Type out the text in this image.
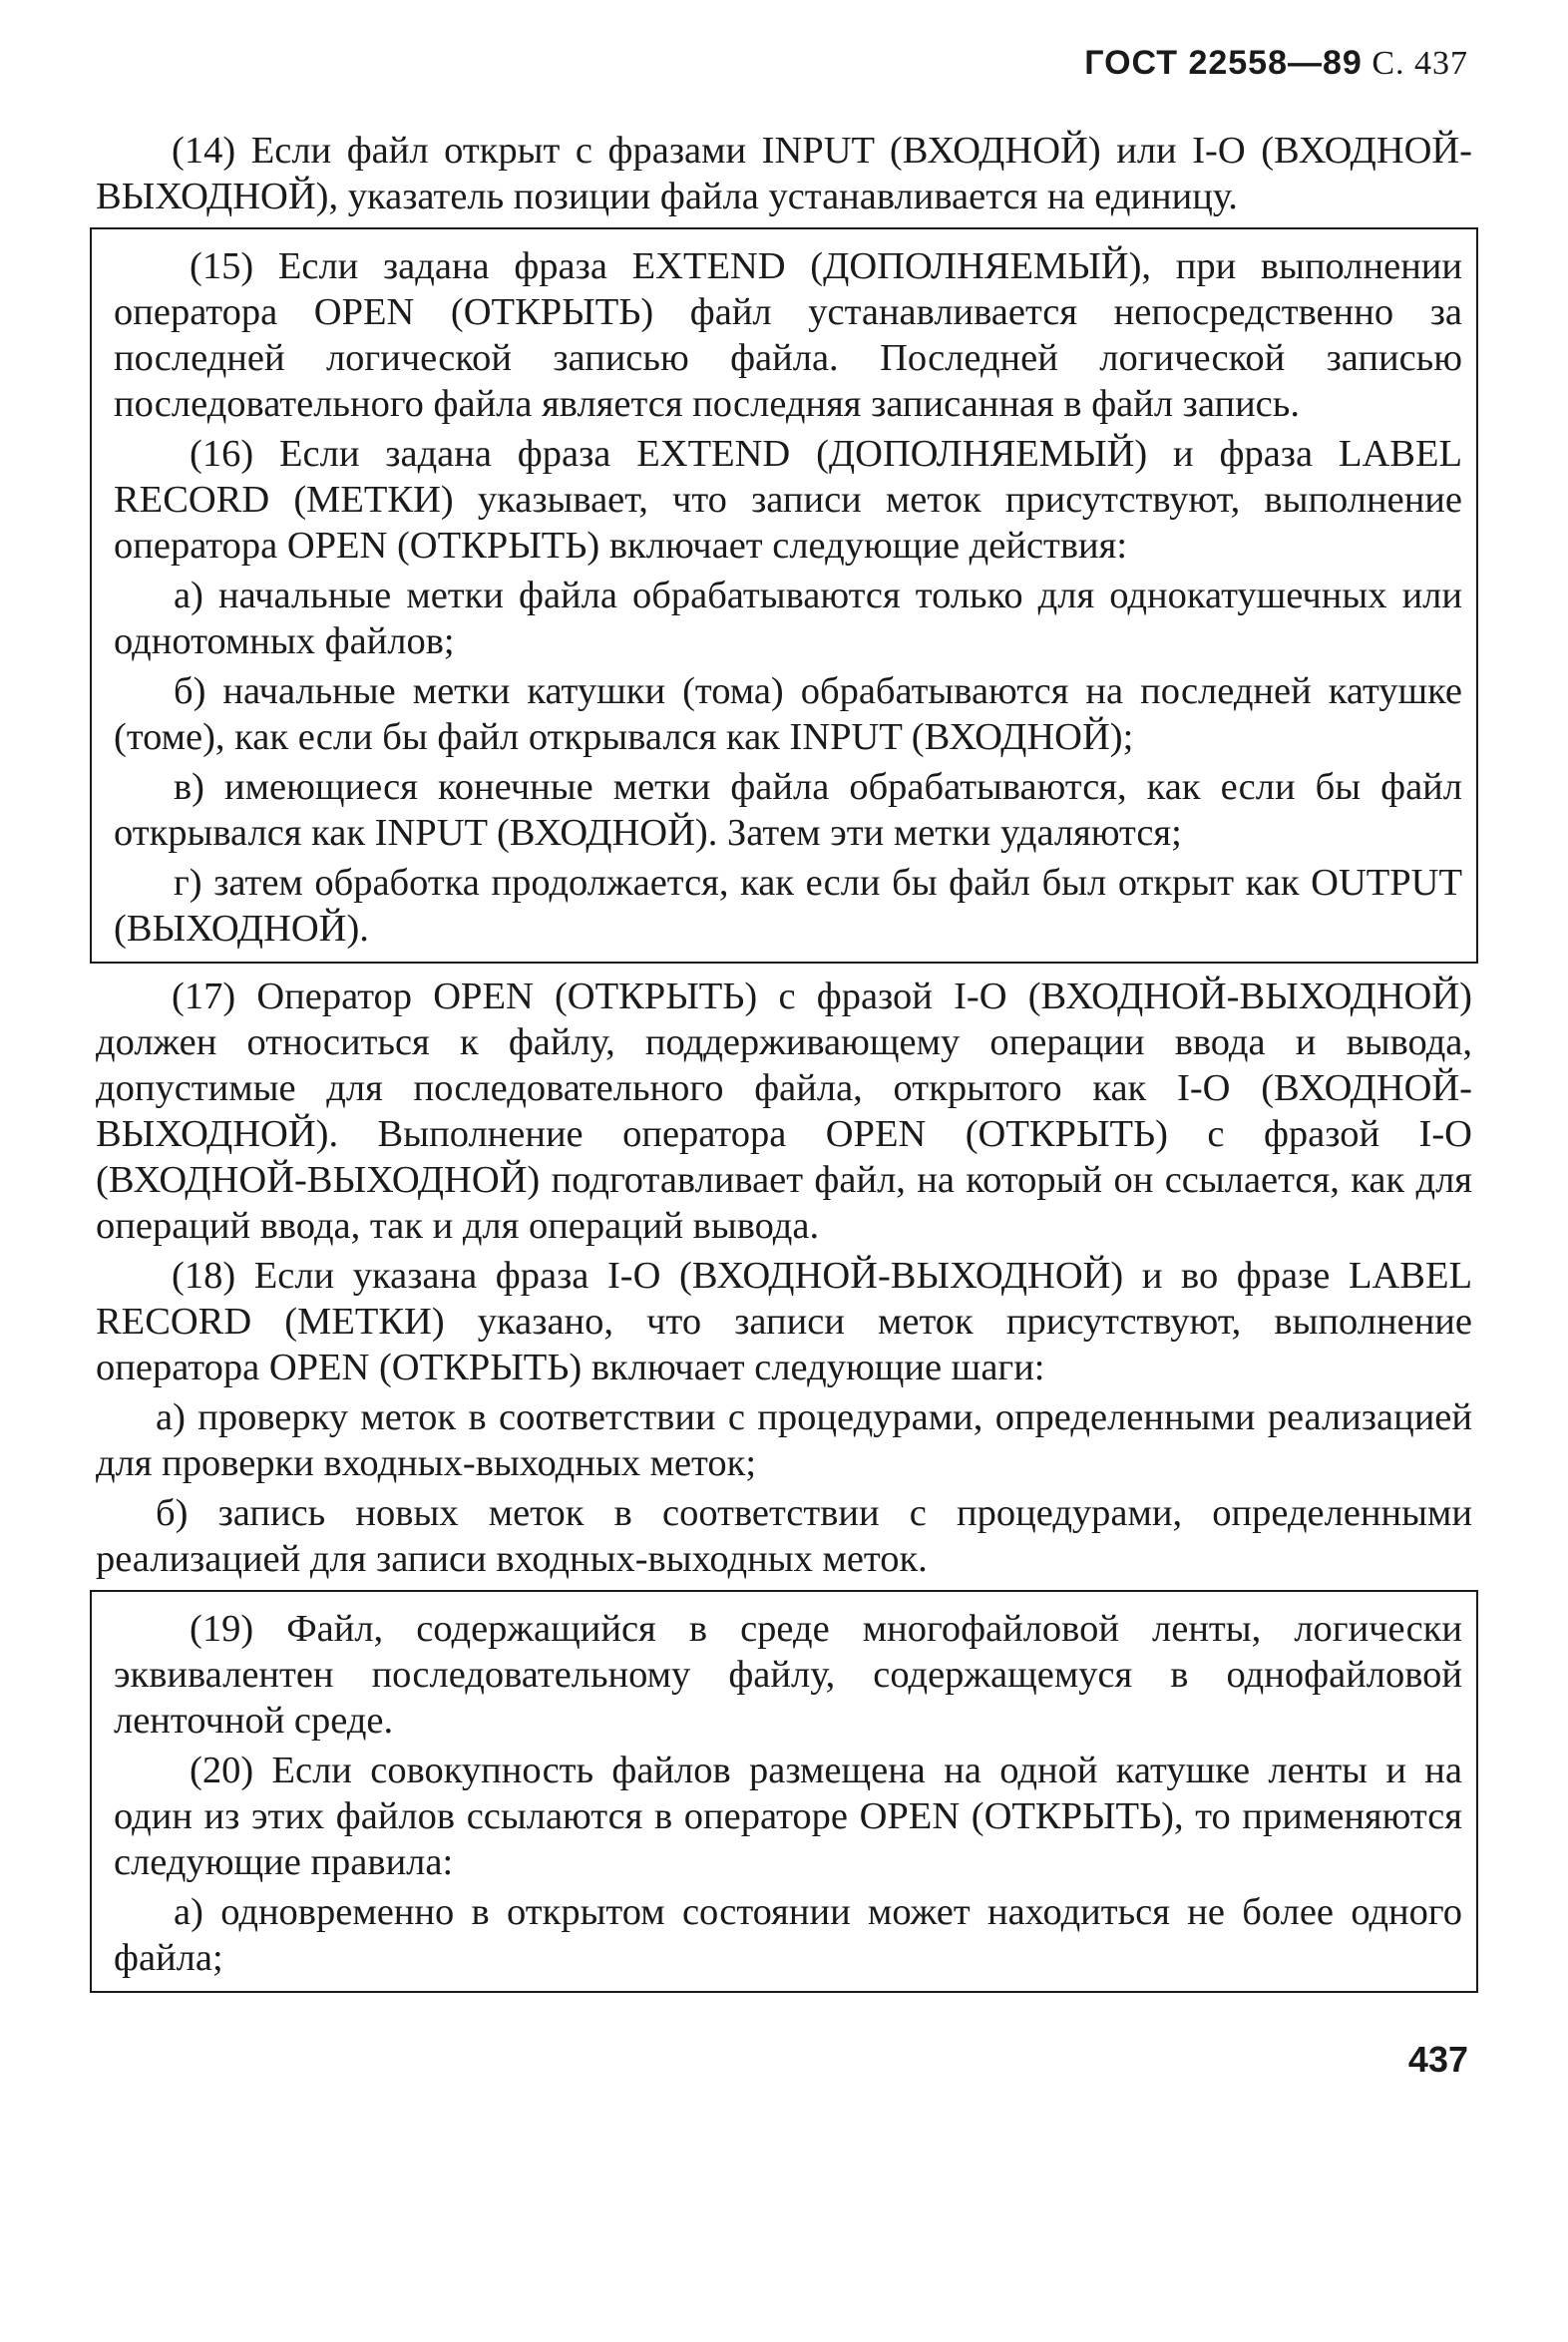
ГОСТ 22558—89 С. 437

(14) Если файл открыт с фразами INPUT (ВХОДНОЙ) или I-О (ВХОДНОЙ-ВЫХОДНОЙ), указатель позиции файла устанавливается на единицу.

(15) Если задана фраза EXTEND (ДОПОЛНЯЕМЫЙ), при выполнении оператора OPEN (ОТКРЫТЬ) файл устанавливается непосредственно за последней логической записью файла. Последней логической записью последовательного файла является последняя записанная в файл запись.

(16) Если задана фраза EXTEND (ДОПОЛНЯЕМЫЙ) и фраза LABEL RECORD (МЕТКИ) указывает, что записи меток присутствуют, выполнение оператора OPEN (ОТКРЫТЬ) включает следующие действия:

а) начальные метки файла обрабатываются только для однокатушечных или однотомных файлов;

б) начальные метки катушки (тома) обрабатываются на последней катушке (томе), как если бы файл открывался как INPUT (ВХОДНОЙ);

в) имеющиеся конечные метки файла обрабатываются, как если бы файл открывался как INPUT (ВХОДНОЙ). Затем эти метки удаляются;

г) затем обработка продолжается, как если бы файл был открыт как OUTPUT (ВЫХОДНОЙ).

(17) Оператор OPEN (ОТКРЫТЬ) с фразой I-О (ВХОДНОЙ-ВЫХОДНОЙ) должен относиться к файлу, поддерживающему операции ввода и вывода, допустимые для последовательного файла, открытого как I-О (ВХОДНОЙ-ВЫХОДНОЙ). Выполнение оператора OPEN (ОТКРЫТЬ) с фразой I-О (ВХОДНОЙ-ВЫХОДНОЙ) подготавливает файл, на который он ссылается, как для операций ввода, так и для операций вывода.

(18) Если указана фраза I-О (ВХОДНОЙ-ВЫХОДНОЙ) и во фразе LABEL RECORD (МЕТКИ) указано, что записи меток присутствуют, выполнение оператора OPEN (ОТКРЫТЬ) включает следующие шаги:

а) проверку меток в соответствии с процедурами, определенными реализацией для проверки входных-выходных меток;

б) запись новых меток в соответствии с процедурами, определенными реализацией для записи входных-выходных меток.

(19) Файл, содержащийся в среде многофайловой ленты, логически эквивалентен последовательному файлу, содержащемуся в однофайловой ленточной среде.

(20) Если совокупность файлов размещена на одной катушке ленты и на один из этих файлов ссылаются в операторе OPEN (ОТКРЫТЬ), то применяются следующие правила:

а) одновременно в открытом состоянии может находиться не более одного файла;

437
